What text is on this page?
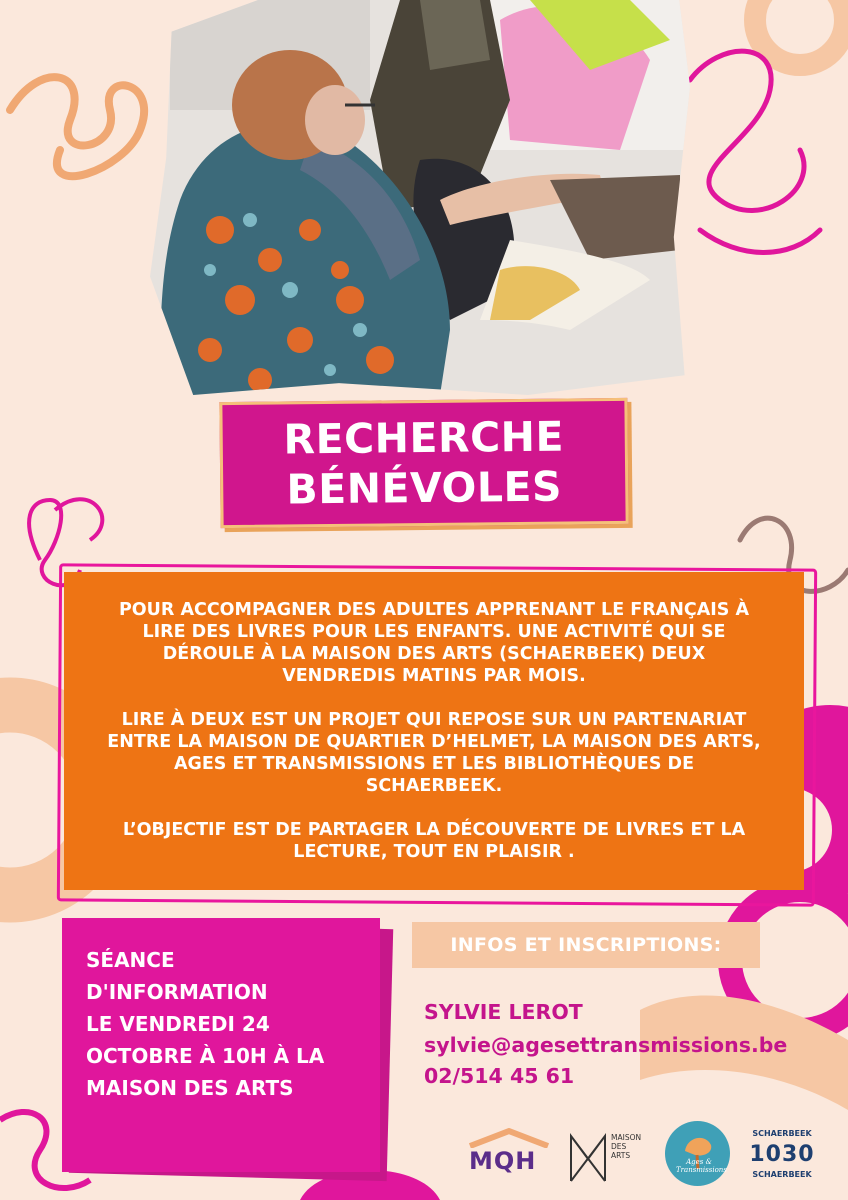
RECHERCHE
BÉNÉVOLES

POUR ACCOMPAGNER DES ADULTES APPRENANT LE FRANÇAIS À LIRE DES LIVRES POUR LES ENFANTS. UNE ACTIVITÉ QUI SE DÉROULE À LA MAISON DES ARTS (SCHAERBEEK) DEUX VENDREDIS MATINS PAR MOIS.

LIRE À DEUX EST UN PROJET QUI REPOSE SUR UN PARTENARIAT ENTRE LA MAISON DE QUARTIER D’HELMET, LA MAISON DES ARTS, AGES ET TRANSMISSIONS ET LES BIBLIOTHÈQUES DE SCHAERBEEK.

L’OBJECTIF EST DE PARTAGER LA DÉCOUVERTE DE LIVRES ET LA LECTURE, TOUT EN PLAISIR .

SÉANCE
D'INFORMATION
LE VENDREDI 24
OCTOBRE À 10H À LA
MAISON DES ARTS
INFOS ET INSCRIPTIONS:
SYLVIE LEROT
sylvie@agesettransmissions.be
02/514 45 61
MQH
MAISON
DES
ARTS
Ages & Transmissions
SCHAERBEEK
1030
SCHAERBEEK
